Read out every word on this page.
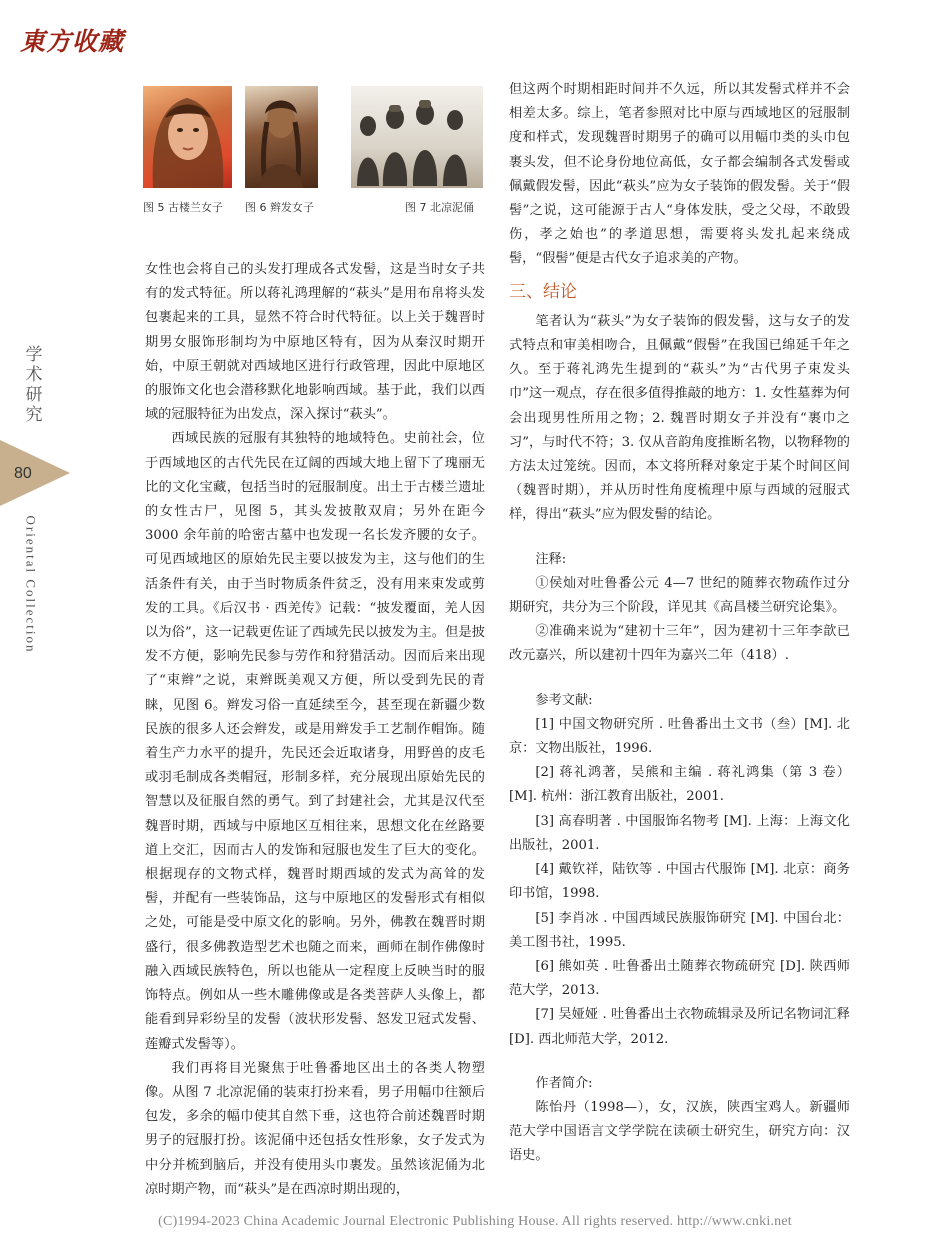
東方收藏
学术研究
80
Oriental Collection
图 5 古楼兰女子 图 6 辫发女子	图 7 北凉泥俑

女性也会将自己的头发打理成各式发髻，这是当时女子共有的发式特征。所以蒋礼鸿理解的“萩头”是用布帛将头发包裹起来的工具，显然不符合时代特征。以上关于魏晋时期男女服饰形制均为中原地区特有，因为从秦汉时期开始，中原王朝就对西域地区进行行政管理，因此中原地区的服饰文化也会潜移默化地影响西域。基于此，我们以西域的冠服特征为出发点，深入探讨“萩头”。

西域民族的冠服有其独特的地域特色。史前社会，位于西域地区的古代先民在辽阔的西域大地上留下了瑰丽无比的文化宝藏，包括当时的冠服制度。出土于古楼兰遗址的女性古尸，见图 5，其头发披散双肩；另外在距今 3000 余年前的哈密古墓中也发现一名长发齐腰的女子。可见西域地区的原始先民主要以披发为主，这与他们的生活条件有关，由于当时物质条件贫乏，没有用来束发或剪发的工具。《后汉书 · 西羌传》记载：“披发覆面，羌人因以为俗”，这一记载更佐证了西域先民以披发为主。但是披发不方便，影响先民参与劳作和狩猎活动。因而后来出现了“束辫”之说，束辫既美观又方便，所以受到先民的青睐，见图 6。辫发习俗一直延续至今，甚至现在新疆少数民族的很多人还会辫发，或是用辫发手工艺制作帽饰。随着生产力水平的提升，先民还会近取诸身，用野兽的皮毛或羽毛制成各类帽冠，形制多样，充分展现出原始先民的智慧以及征服自然的勇气。到了封建社会，尤其是汉代至魏晋时期，西域与中原地区互相往来，思想文化在丝路要道上交汇，因而古人的发饰和冠服也发生了巨大的变化。根据现存的文物式样，魏晋时期西域的发式为高耸的发髻，并配有一些装饰品，这与中原地区的发髻形式有相似之处，可能是受中原文化的影响。另外，佛教在魏晋时期盛行，很多佛教造型艺术也随之而来，画师在制作佛像时融入西域民族特色，所以也能从一定程度上反映当时的服饰特点。例如从一些木雕佛像或是各类菩萨人头像上，都能看到异彩纷呈的发髻（波状形发髻、怒发卫冠式发髻、莲瓣式发髻等）。

我们再将目光聚焦于吐鲁番地区出土的各类人物塑像。从图 7 北凉泥俑的装束打扮来看，男子用幅巾往额后包发，多余的幅巾使其自然下垂，这也符合前述魏晋时期男子的冠服打扮。该泥俑中还包括女性形象，女子发式为中分并梳到脑后，并没有使用头巾裹发。虽然该泥俑为北凉时期产物，而“萩头”是在西凉时期出现的，

但这两个时期相距时间并不久远，所以其发髻式样并不会相差太多。综上，笔者参照对比中原与西域地区的冠服制度和样式，发现魏晋时期男子的确可以用幅巾类的头巾包裹头发，但不论身份地位高低，女子都会编制各式发髻或佩戴假发髻，因此“萩头”应为女子装饰的假发髻。关于“假髻”之说，这可能源于古人“身体发肤，受之父母，不敢毁伤，孝之始也”的孝道思想，需要将头发扎起来绕成髻，“假髻”便是古代女子追求美的产物。

三、结论

笔者认为“萩头”为女子装饰的假发髻，这与女子的发式特点和审美相吻合，且佩戴“假髻”在我国已绵延千年之久。至于蒋礼鸿先生提到的“萩头”为“古代男子束发头巾”这一观点，存在很多值得推敲的地方：1. 女性墓葬为何会出现男性所用之物；2. 魏晋时期女子并没有“裹巾之习”，与时代不符；3. 仅从音韵角度推断名物，以物释物的方法太过笼统。因而，本文将所释对象定于某个时间区间（魏晋时期），并从历时性角度梳理中原与西域的冠服式样，得出“萩头”应为假发髻的结论。

注释:

①侯灿对吐鲁番公元 4—7 世纪的随葬衣物疏作过分期研究，共分为三个阶段，详见其《高昌楼兰研究论集》。

②准确来说为“建初十三年”，因为建初十三年李歆已改元嘉兴，所以建初十四年为嘉兴二年（418）.

参考文献:

[1] 中国文物研究所 . 吐鲁番出土文书（叁）[M]. 北京：文物出版社，1996.

[2] 蒋礼鸿著，吴熊和主编 . 蒋礼鸿集（第 3 卷）[M]. 杭州：浙江教育出版社，2001.

[3] 高春明著 . 中国服饰名物考 [M]. 上海：上海文化出版社，2001.

[4] 戴钦祥，陆钦等 . 中国古代服饰 [M]. 北京：商务印书馆，1998.

[5] 李肖冰 . 中国西域民族服饰研究 [M]. 中国台北：美工图书社，1995.

[6] 熊如英 . 吐鲁番出土随葬衣物疏研究 [D]. 陕西师范大学，2013.

[7] 吴娅娅 . 吐鲁番出土衣物疏辑录及所记名物词汇释 [D]. 西北师范大学，2012.

作者简介:

陈怡丹（1998—），女，汉族，陕西宝鸡人。新疆师范大学中国语言文学学院在读硕士研究生，研究方向：汉语史。

(C)1994-2023 China Academic Journal Electronic Publishing House. All rights reserved. http://www.cnki.net
